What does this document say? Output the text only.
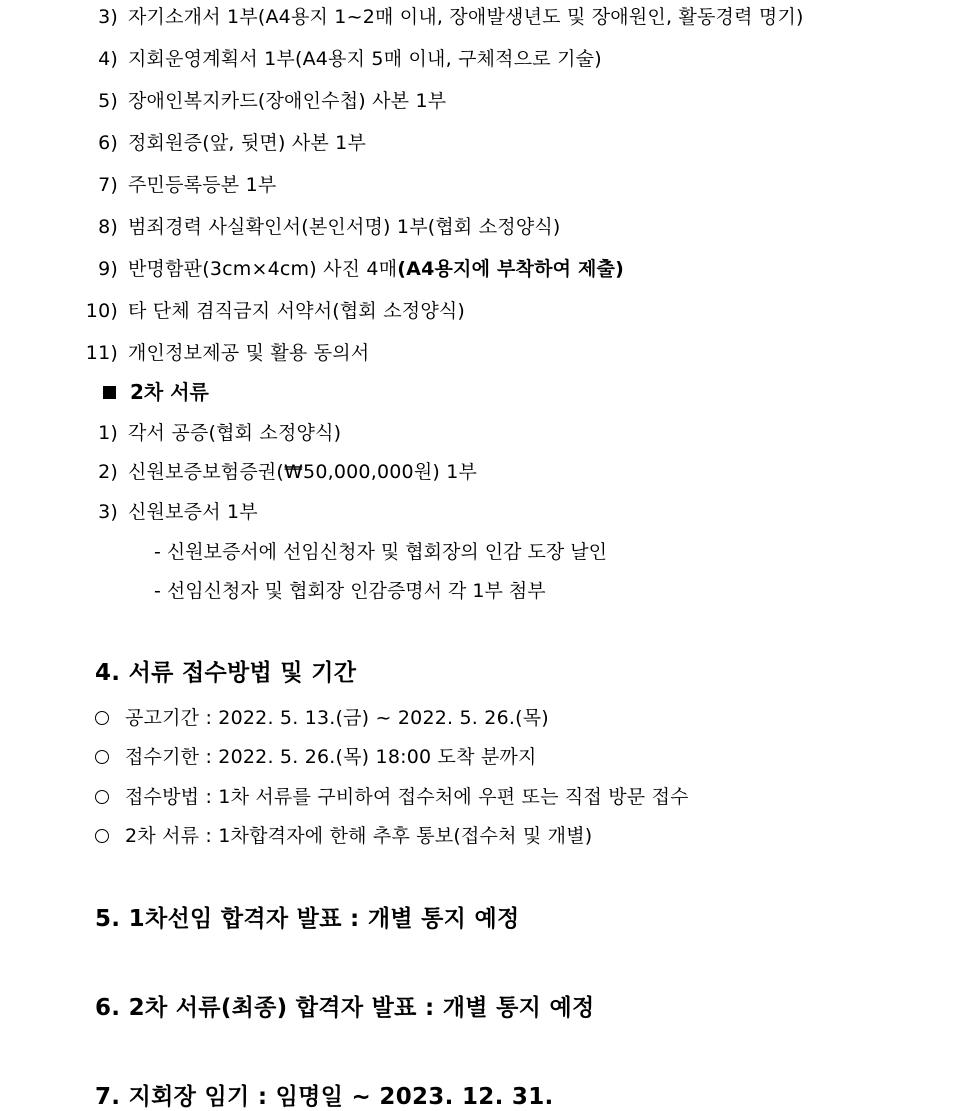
3) 자기소개서 1부(A4용지 1~2매 이내, 장애발생년도 및 장애원인, 활동경력 명기)
4) 지회운영계획서 1부(A4용지 5매 이내, 구체적으로 기술)
5) 장애인복지카드(장애인수첩) 사본 1부
6) 정회원증(앞, 뒷면) 사본 1부
7) 주민등록등본 1부
8) 범죄경력 사실확인서(본인서명) 1부(협회 소정양식)
9) 반명함판(3cm×4cm) 사진 4매(A4용지에 부착하여 제출)
10) 타 단체 겸직금지 서약서(협회 소정양식)
11) 개인정보제공 및 활용 동의서
2차 서류
1) 각서 공증(협회 소정양식)
2) 신원보증보험증권(₩50,000,000원) 1부
3) 신원보증서 1부
- 신원보증서에 선임신청자 및 협회장의 인감 도장 날인
- 선임신청자 및 협회장 인감증명서 각 1부 첨부
4. 서류 접수방법 및 기간
공고기간 : 2022. 5. 13.(금) ~ 2022. 5. 26.(목)
접수기한 : 2022. 5. 26.(목) 18:00 도착 분까지
접수방법 : 1차 서류를 구비하여 접수처에 우편 또는 직접 방문 접수
2차 서류 : 1차합격자에 한해 추후 통보(접수처 및 개별)
5. 1차선임 합격자 발표 : 개별 통지 예정
6. 2차 서류(최종) 합격자 발표 : 개별 통지 예정
7. 지회장 임기 : 임명일 ~ 2023. 12. 31.
